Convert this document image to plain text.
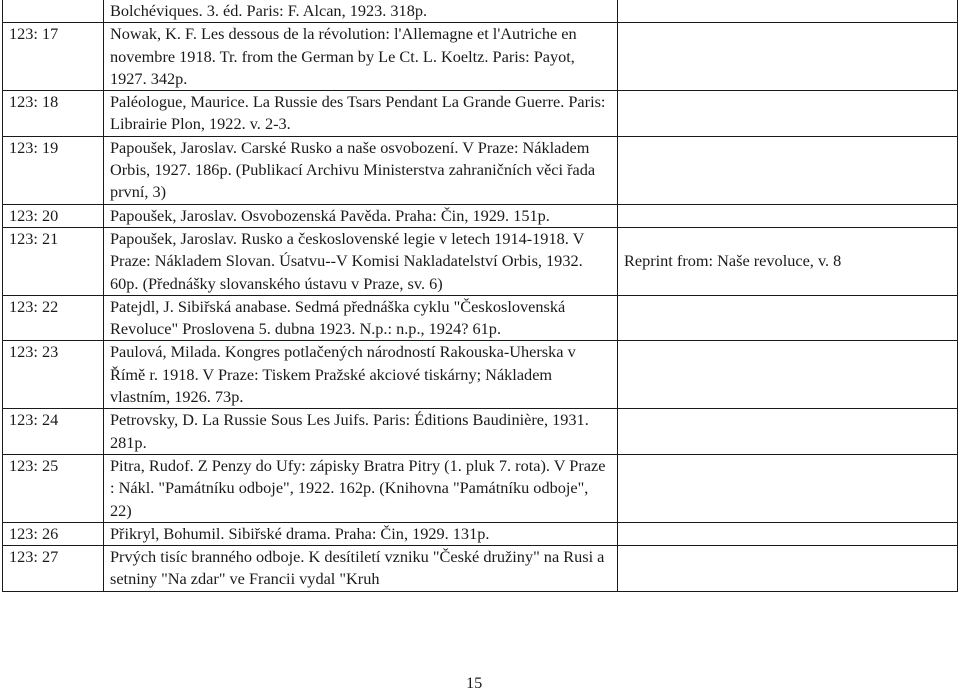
	Bolchéviques. 3. éd. Paris: F. Alcan, 1923. 318p.	
123: 17	Nowak, K. F. Les dessous de la révolution: l'Allemagne et l'Autriche en novembre 1918. Tr. from the German by Le Ct. L. Koeltz. Paris: Payot, 1927. 342p.	
123: 18	Paléologue, Maurice. La Russie des Tsars Pendant La Grande Guerre. Paris: Librairie Plon, 1922. v. 2-3.	
123: 19	Papoušek, Jaroslav. Carské Rusko a naše osvobození. V Praze: Nákladem Orbis, 1927. 186p. (Publikací Archivu Ministerstva zahraničních věci řada první, 3)	
123: 20	Papoušek, Jaroslav. Osvobozenská Pavěda. Praha: Čin, 1929. 151p.	
123: 21	Papoušek, Jaroslav. Rusko a československé legie v letech 1914-1918. V Praze: Nákladem Slovan. Úsatvu--V Komisi Nakladatelství Orbis, 1932. 60p. (Přednášky slovanského ústavu v Praze, sv. 6)	Reprint from: Naše revoluce, v. 8

123: 22	Patejdl, J. Sibiřská anabase. Sedmá přednáška cyklu "Československá Revoluce" Proslovena 5. dubna 1923. N.p.: n.p., 1924? 61p.	
123: 23	Paulová, Milada. Kongres potlačených národností Rakouska-Uherska v Římě r. 1918. V Praze: Tiskem Pražské akciové tiskárny; Nákladem vlastním, 1926. 73p.	
123: 24	Petrovsky, D. La Russie Sous Les Juifs. Paris: Éditions Baudinière, 1931. 281p.	
123: 25	Pitra, Rudof. Z Penzy do Ufy: zápisky Bratra Pitry (1. pluk 7. rota). V Praze : Nákl. "Památníku odboje", 1922. 162p. (Knihovna "Památníku odboje", 22)	
123: 26	Přikryl, Bohumil. Sibiřské drama. Praha: Čin, 1929. 131p.	
123: 27	Prvých tisíc branného odboje. K desítiletí vzniku "České družiny" na Rusi a setniny "Na zdar" ve Francii vydal "Kruh	
15
